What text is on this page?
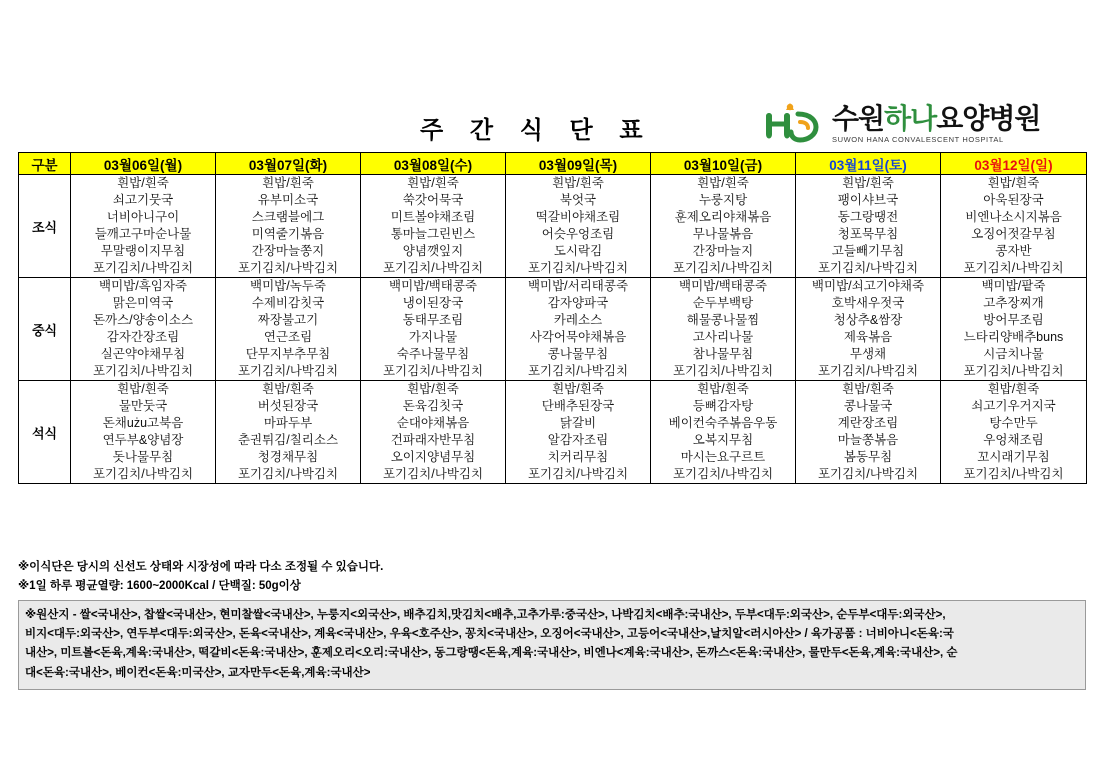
주 간 식 단 표	수원하나요양병원
SUWON HANA CONVALESCENT HOSPITAL
구분	03월06일(월)	03월07일(화)	03월08일(수)	03월09일(목)	03월10일(금)	03월11일(토)	03월12일(일)
조식	
흰밥/흰죽
쇠고기뭇국
너비아니구이
들깨고구마순나물
무말랭이지무침
포기김치/나박김치

흰밥/흰죽
유부미소국
스크램블에그
미역줄기볶음
간장마늘쫑지
포기김치/나박김치

흰밥/흰죽
쑥갓어묵국
미트볼야채조림
통마늘그린빈스
양념깻잎지
포기김치/나박김치

흰밥/흰죽
북엇국
떡갈비야채조림
어슷우엉조림
도시락김
포기김치/나박김치

흰밥/흰죽
누룽지탕
훈제오리야채볶음
무나물볶음
간장마늘지
포기김치/나박김치

흰밥/흰죽
팽이샤브국
동그랑땡전
청포묵무침
고들빼기무침
포기김치/나박김치

흰밥/흰죽
아욱된장국
비엔나소시지볶음
오징어젓갈무침
콩자반
포기김치/나박김치

중식	
백미밥/흑임자죽
맑은미역국
돈까스/양송이소스
감자간장조림
실곤약야채무침
포기김치/나박김치

백미밥/녹두죽
수제비감칫국
짜장불고기
연근조림
단무지부추무침
포기김치/나박김치

백미밥/백태콩죽
냉이된장국
동태무조림
가지나물
숙주나물무침
포기김치/나박김치

백미밥/서리태콩죽
감자양파국
카레소스
사각어묵야채볶음
콩나물무침
포기김치/나박김치

백미밥/백태콩죽
순두부백탕
해물콩나물찜
고사리나물
참나물무침
포기김치/나박김치

백미밥/쇠고기야채죽
호박새우젓국
청상추&쌈장
제육볶음
무생채
포기김치/나박김치

백미밥/팥죽
고추장찌개
방어무조림
느타리양배추buns
시금치나물
포기김치/나박김치

석식	
흰밥/흰죽
물만둣국
돈채użu고북음
연두부&양념장
돗나물무침
포기김치/나박김치

흰밥/흰죽
버섯된장국
마파두부
춘권튀김/칠리소스
청경채무침
포기김치/나박김치

흰밥/흰죽
돈육김칫국
순대야채볶음
건파래자반무침
오이지양념무침
포기김치/나박김치

흰밥/흰죽
단배추된장국
닭갈비
알감자조림
치커리무침
포기김치/나박김치

흰밥/흰죽
등뼈감자탕
베이컨숙주볶음우동
오복지무침
마시는요구르트
포기김치/나박김치

흰밥/흰죽
콩나물국
계란장조림
마늘쫑볶음
봄동무침
포기김치/나박김치

흰밥/흰죽
쇠고기우거지국
탕수만두
우엉채조림
꼬시래기무침
포기김치/나박김치
※이식단은 당시의 신선도 상태와 시장성에 따라 다소 조정될 수 있습니다.
※1일 하루 평균열량: 1600~2000Kcal / 단백질: 50g이상
※원산지 - 쌀<국내산>, 찹쌀<국내산>, 현미찰쌀<국내산>, 누룽지<외국산>, 배추김치,맛김치<배추,고추가루:중국산>, 나박김치<배추:국내산>, 두부<대두:외국산>, 순두부<대두:외국산>,
비지<대두:외국산>, 연두부<대두:외국산>, 돈육<국내산>, 계육<국내산>, 우육<호주산>, 꽁치<국내산>, 오징어<국내산>, 고등어<국내산>,날치알<러시아산> / 육가공품 : 너비아니<돈육:국
내산>, 미트볼<돈육,계육:국내산>, 떡갈비<돈육:국내산>, 훈제오리<오리:국내산>, 동그랑땡<돈육,계육:국내산>, 비엔나<계육:국내산>, 돈까스<돈육:국내산>, 물만두<돈육,계육:국내산>, 순
대<돈육:국내산>, 베이컨<돈육:미국산>, 교자만두<돈육,계육:국내산>
